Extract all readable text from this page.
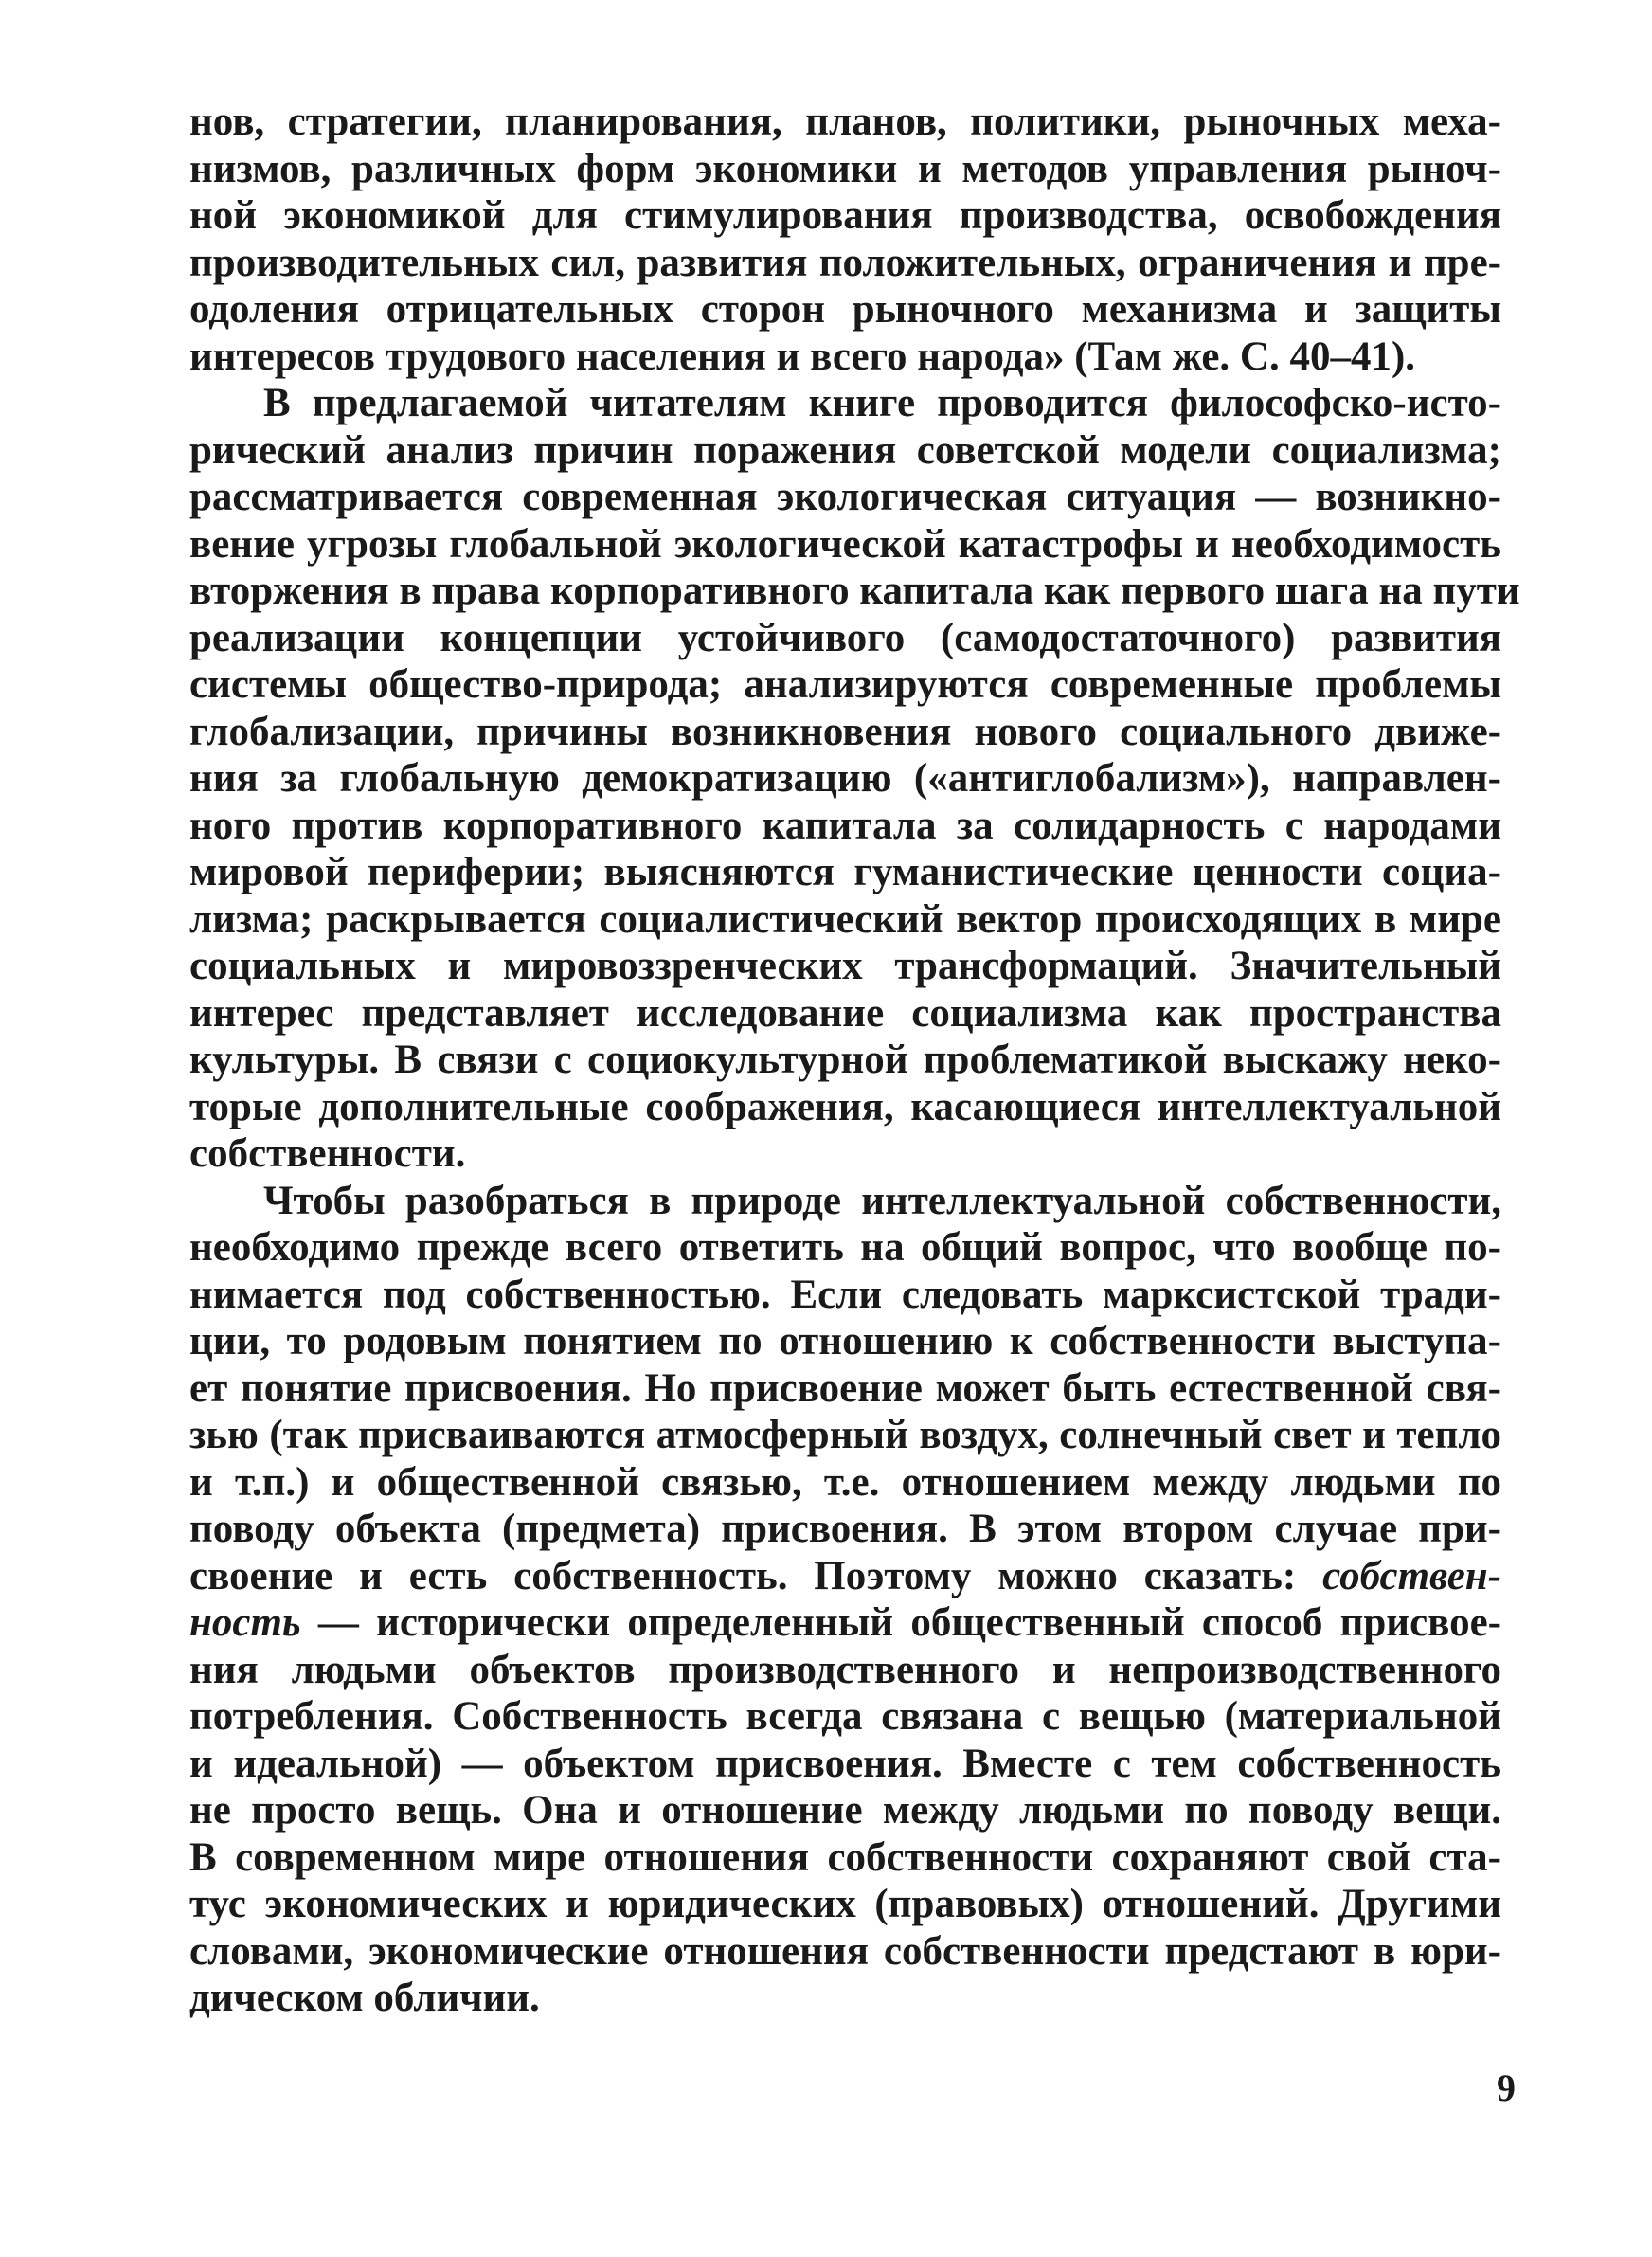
нов, стратегии, планирования, планов, политики, рыночных меха-
низмов, различных форм экономики и методов управления рыноч-
ной экономикой для стимулирования производства, освобождения
производительных сил, развития положительных, ограничения и пре-
одоления отрицательных сторон рыночного механизма и защиты
интересов трудового населения и всего народа» (Там же. С. 40–41).

В предлагаемой читателям книге проводится философско-исто-
рический анализ причин поражения советской модели социализма;
рассматривается современная экологическая ситуация — возникно-
вение угрозы глобальной экологической катастрофы и необходимость
вторжения в права корпоративного капитала как первого шага на пути
реализации концепции устойчивого (самодостаточного) развития
системы общество-природа; анализируются современные проблемы
глобализации, причины возникновения нового социального движе-
ния за глобальную демократизацию («антиглобализм»), направлен-
ного против корпоративного капитала за солидарность с народами
мировой периферии; выясняются гуманистические ценности социа-
лизма; раскрывается социалистический вектор происходящих в мире
социальных и мировоззренческих трансформаций. Значительный
интерес представляет исследование социализма как пространства
культуры. В связи с социокультурной проблематикой выскажу неко-
торые дополнительные соображения, касающиеся интеллектуальной
собственности.

Чтобы разобраться в природе интеллектуальной собственности,
необходимо прежде всего ответить на общий вопрос, что вообще по-
нимается под собственностью. Если следовать марксистской тради-
ции, то родовым понятием по отношению к собственности выступа-
ет понятие присвоения. Но присвоение может быть естественной свя-
зью (так присваиваются атмосферный воздух, солнечный свет и тепло
и т.п.) и общественной связью, т.е. отношением между людьми по
поводу объекта (предмета) присвоения. В этом втором случае при-
своение и есть собственность. Поэтому можно сказать: собствен-
ность — исторически определенный общественный способ присвое-
ния людьми объектов производственного и непроизводственного
потребления. Собственность всегда связана с вещью (материальной
и идеальной) — объектом присвоения. Вместе с тем собственность
не просто вещь. Она и отношение между людьми по поводу вещи.
В современном мире отношения собственности сохраняют свой ста-
тус экономических и юридических (правовых) отношений. Другими
словами, экономические отношения собственности предстают в юри-
дическом обличии.

9
